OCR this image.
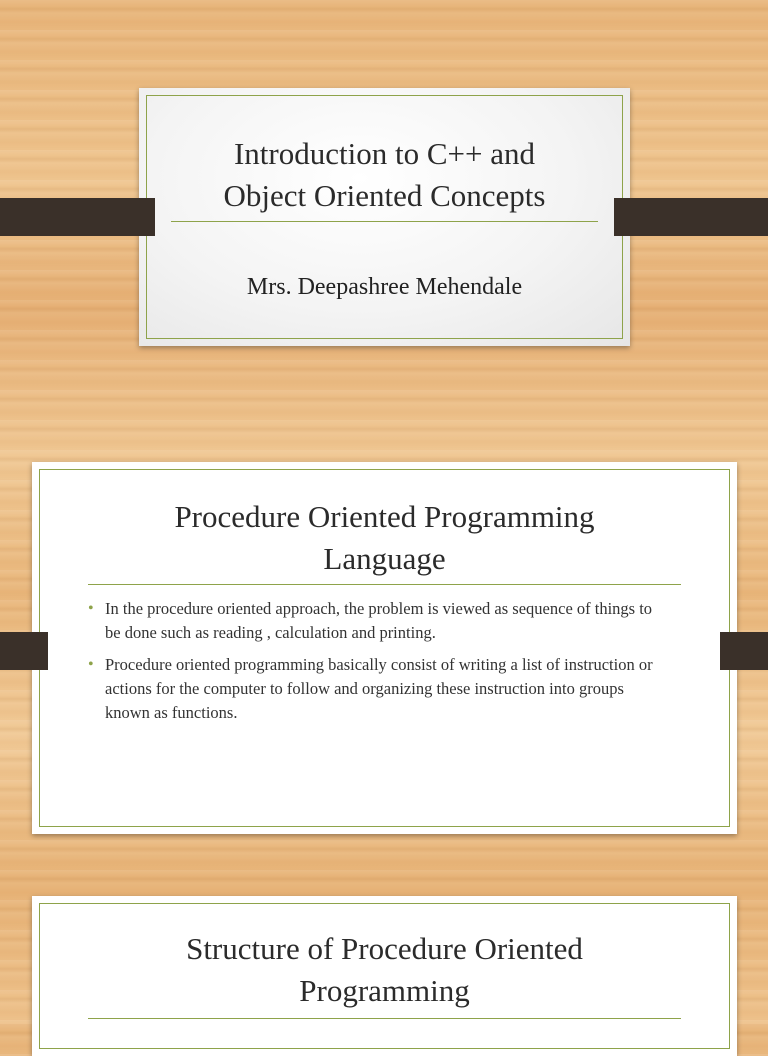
Introduction to C++ and
Object Oriented Concepts
Mrs. Deepashree Mehendale
Procedure Oriented Programming
Language
• In the procedure oriented approach, the problem is viewed as sequence of things to be done such as reading , calculation and printing.
• Procedure oriented programming basically consist of writing a list of instruction or actions for the computer to follow and organizing these instruction into groups known as functions.
Structure of Procedure Oriented
Programming
